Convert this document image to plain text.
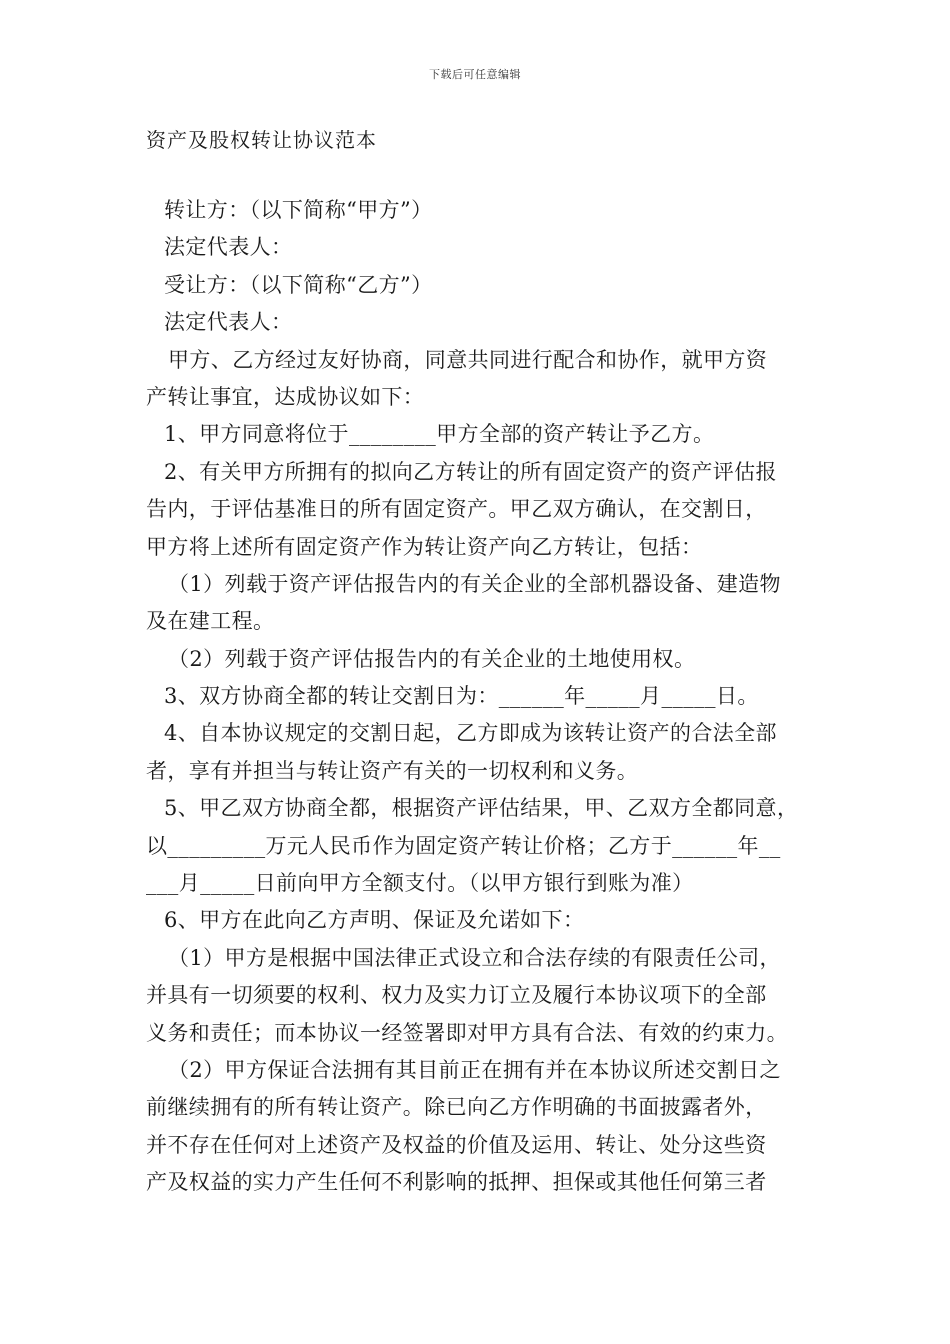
下载后可任意编辑
资产及股权转让协议范本
转让方：（以下简称“甲方”）
法定代表人：
受让方：（以下简称“乙方”）
法定代表人：
甲方、乙方经过友好协商，同意共同进行配合和协作，就甲方资
产转让事宜，达成协议如下：
1、甲方同意将位于________甲方全部的资产转让予乙方。
2、有关甲方所拥有的拟向乙方转让的所有固定资产的资产评估报
告内，于评估基准日的所有固定资产。甲乙双方确认，在交割日，
甲方将上述所有固定资产作为转让资产向乙方转让，包括：
（1）列载于资产评估报告内的有关企业的全部机器设备、建造物
及在建工程。
（2）列载于资产评估报告内的有关企业的土地使用权。
3、双方协商全都的转让交割日为：______年_____月_____日。
4、自本协议规定的交割日起，乙方即成为该转让资产的合法全部
者，享有并担当与转让资产有关的一切权利和义务。
5、甲乙双方协商全都，根据资产评估结果，甲、乙双方全都同意，
以_________万元人民币作为固定资产转让价格；乙方于______年__
___月_____日前向甲方全额支付。（以甲方银行到账为准）
6、甲方在此向乙方声明、保证及允诺如下：
（1）甲方是根据中国法律正式设立和合法存续的有限责任公司，
并具有一切须要的权利、权力及实力订立及履行本协议项下的全部
义务和责任；而本协议一经签署即对甲方具有合法、有效的约束力。
（2）甲方保证合法拥有其目前正在拥有并在本协议所述交割日之
前继续拥有的所有转让资产。除已向乙方作明确的书面披露者外，
并不存在任何对上述资产及权益的价值及运用、转让、处分这些资
产及权益的实力产生任何不利影响的抵押、担保或其他任何第三者
